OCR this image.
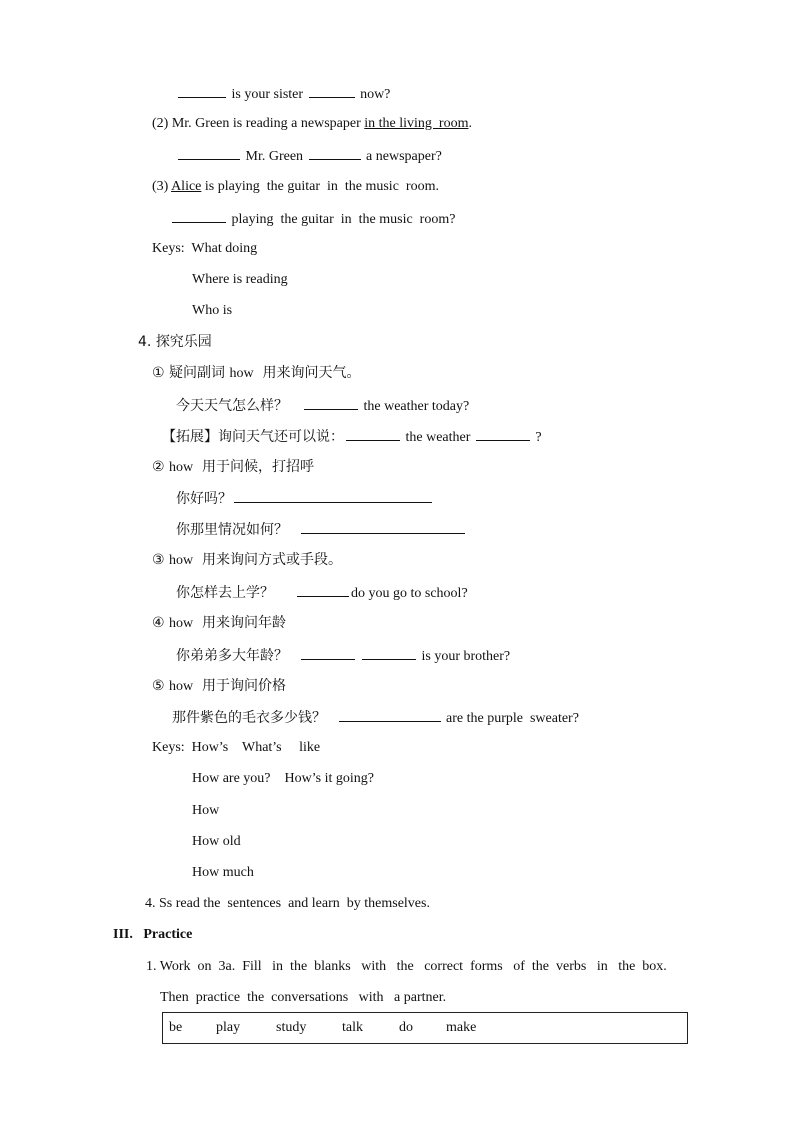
is your sister	now?
(2) Mr. Green is reading a newspaper in the living  room.
Mr. Green	a newspaper?
(3) Alice is playing  the guitar  in  the music  room.
playing  the guitar  in  the music  room?
Keys: What doing
Where is reading
Who is
4. 探究乐园
① 疑问副词 how 用来询问天气。
今天天气怎么样？	the weather today?
【拓展】询问天气还可以说：	the weather	?
② how 用于问候，打招呼
你好吗？
你那里情况如何？
③ how 用来询问方式或手段。
你怎样去上学？	do you go to school?
④ how 用来询问年龄
你弟弟多大年龄？	is your brother?
⑤ how 用于询问价格
那件紫色的毛衣多少钱？	are the purple  sweater?
Keys: How’s    What’s     like
How are you?    How’s it going?
How
How old
How much
4. Ss read the  sentences  and learn  by themselves.
III. Practice
1. Work  on  3a.  Fill   in  the  blanks   with   the   correct  forms   of  the  verbs   in   the  box.
Then  practice  the  conversations   with   a partner.
be play	study	talk	do make
